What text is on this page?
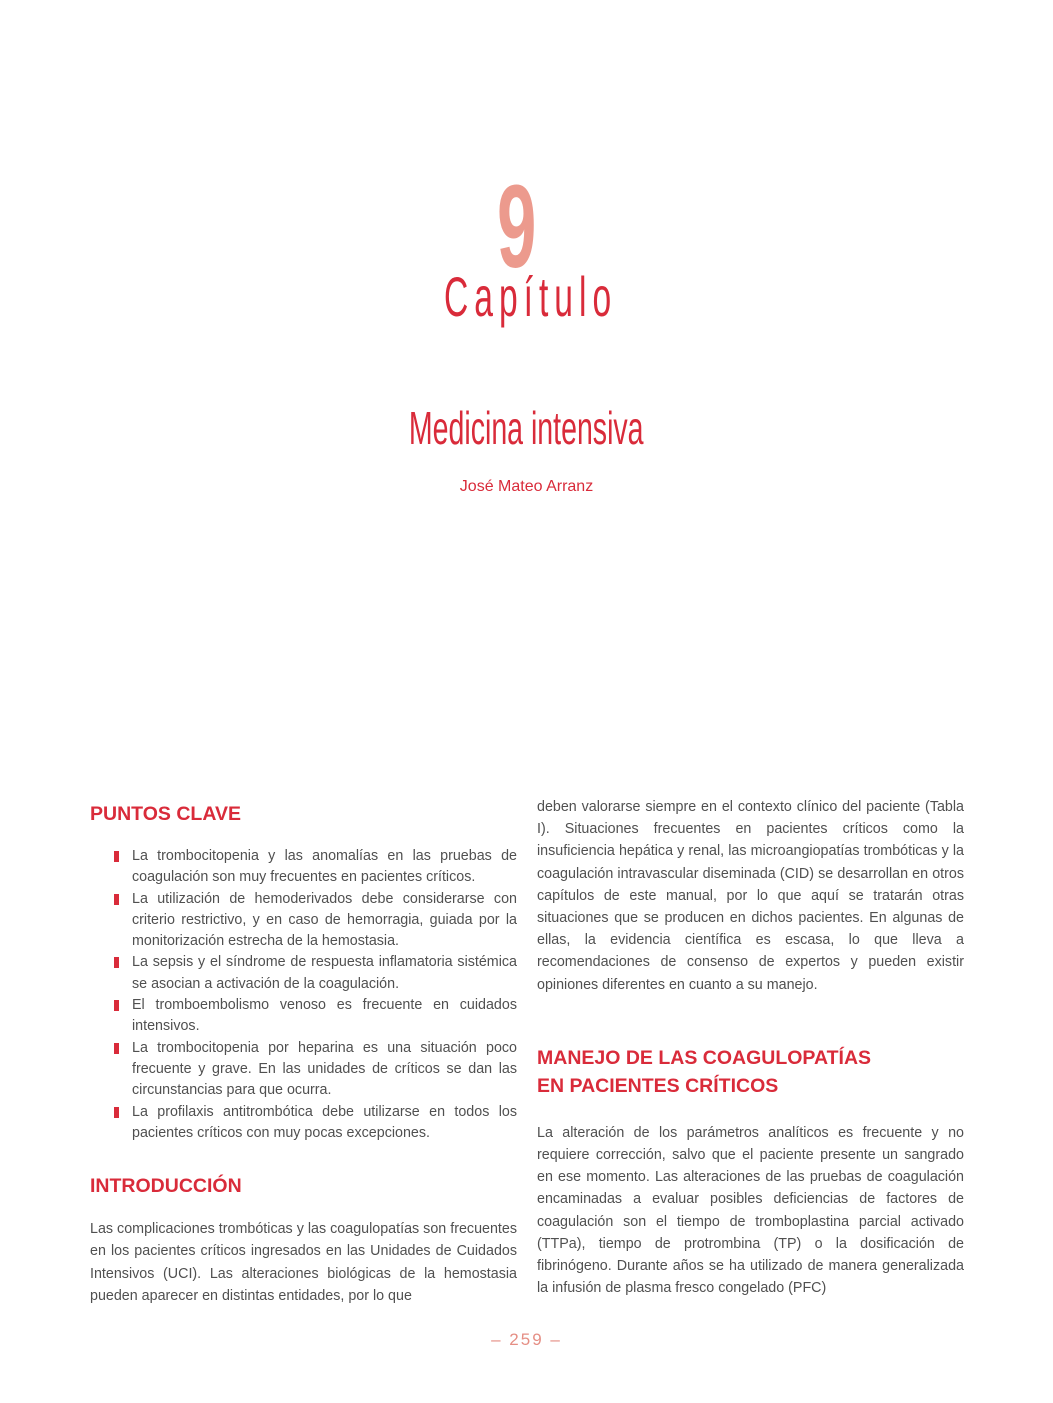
9
Capítulo
Medicina intensiva
José Mateo Arranz
PUNTOS CLAVE
La trombocitopenia y las anomalías en las pruebas de coagulación son muy frecuentes en pacientes críticos.
La utilización de hemoderivados debe considerarse con criterio restrictivo, y en caso de hemorragia, guiada por la monitorización estrecha de la hemostasia.
La sepsis y el síndrome de respuesta inflamatoria sistémica se asocian a activación de la coagulación.
El tromboembolismo venoso es frecuente en cuidados intensivos.
La trombocitopenia por heparina es una situación poco frecuente y grave. En las unidades de críticos se dan las circunstancias para que ocurra.
La profilaxis antitrombótica debe utilizarse en todos los pacientes críticos con muy pocas excepciones.
INTRODUCCIÓN

Las complicaciones trombóticas y las coagulopatías son frecuentes en los pacientes críticos ingresados en las Unidades de Cuidados Intensivos (UCI). Las alteraciones biológicas de la hemostasia pueden aparecer en distintas entidades, por lo que

deben valorarse siempre en el contexto clínico del paciente (Tabla I). Situaciones frecuentes en pacientes críticos como la insuficiencia hepática y renal, las microangiopatías trombóticas y la coagulación intravascular diseminada (CID) se desarrollan en otros capítulos de este manual, por lo que aquí se tratarán otras situaciones que se producen en dichos pacientes. En algunas de ellas, la evidencia científica es escasa, lo que lleva a recomendaciones de consenso de expertos y pueden existir opiniones diferentes en cuanto a su manejo.

MANEJO DE LAS COAGULOPATÍAS
EN PACIENTES CRÍTICOS

La alteración de los parámetros analíticos es frecuente y no requiere corrección, salvo que el paciente presente un sangrado en ese momento. Las alteraciones de las pruebas de coagulación encaminadas a evaluar posibles deficiencias de factores de coagulación son el tiempo de tromboplastina parcial activado (TTPa), tiempo de protrombina (TP) o la dosificación de fibrinógeno. Durante años se ha utilizado de manera generalizada la infusión de plasma fresco congelado (PFC)

– 259 –
